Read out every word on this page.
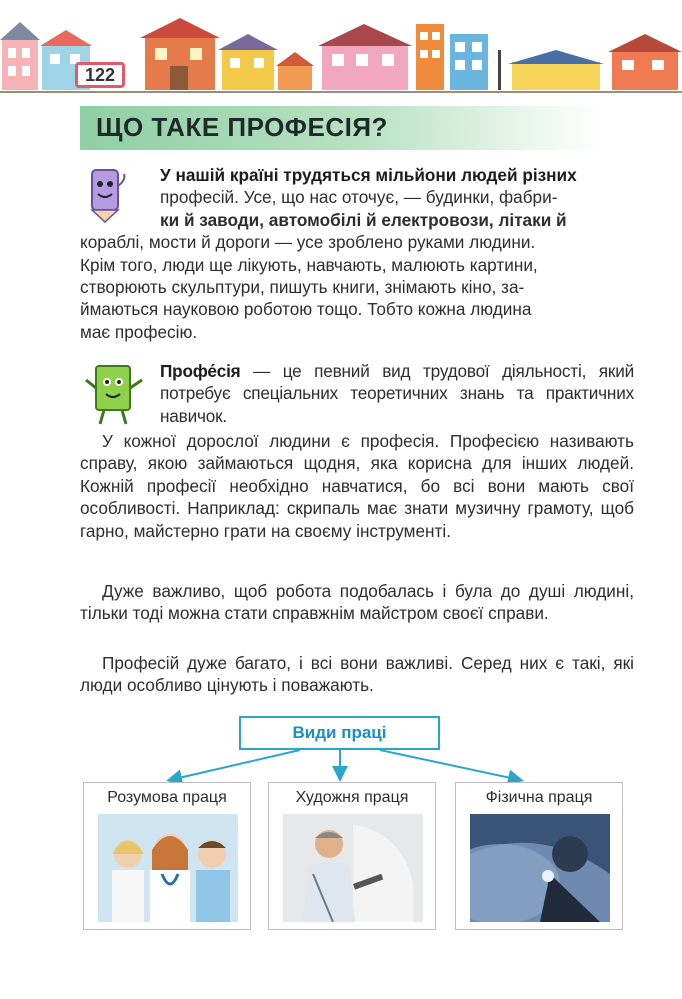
122
ЩО ТАКЕ ПРОФЕСІЯ?
У нашій країні трудяться мільйони людей різних
професій. Усе, що нас оточує, — будинки, фабри-
ки й заводи, автомобілі й електровози, літаки й
кораблі, мости й дороги — усе зроблено руками людини.
Крім того, люди ще лікують, навчають, малюють картини,
створюють скульптури, пишуть книги, знімають кіно, за-
ймаються науковою роботою тощо. Тобто кожна людина
має професію.
Профе́сія — це певний вид трудової діяльності, який потребує спеціальних теоретичних знань та практичних навичок.
У кожної дорослої людини є професія. Професією називають справу, якою займаються щодня, яка корисна для інших людей. Кожній професії необхідно навчатися, бо всі вони мають свої особливості. Наприклад: скрипаль має знати музичну грамоту, щоб гарно, майстерно грати на своєму інструменті.
Дуже важливо, щоб робота подобалась і була до душі людині, тільки тоді можна стати справжнім майстром своєї справи.
Професій дуже багато, і всі вони важливі. Серед них є такі, які люди особливо цінують і поважають.
Види праці
Розумова праця	Художня праця	Фізична праця
